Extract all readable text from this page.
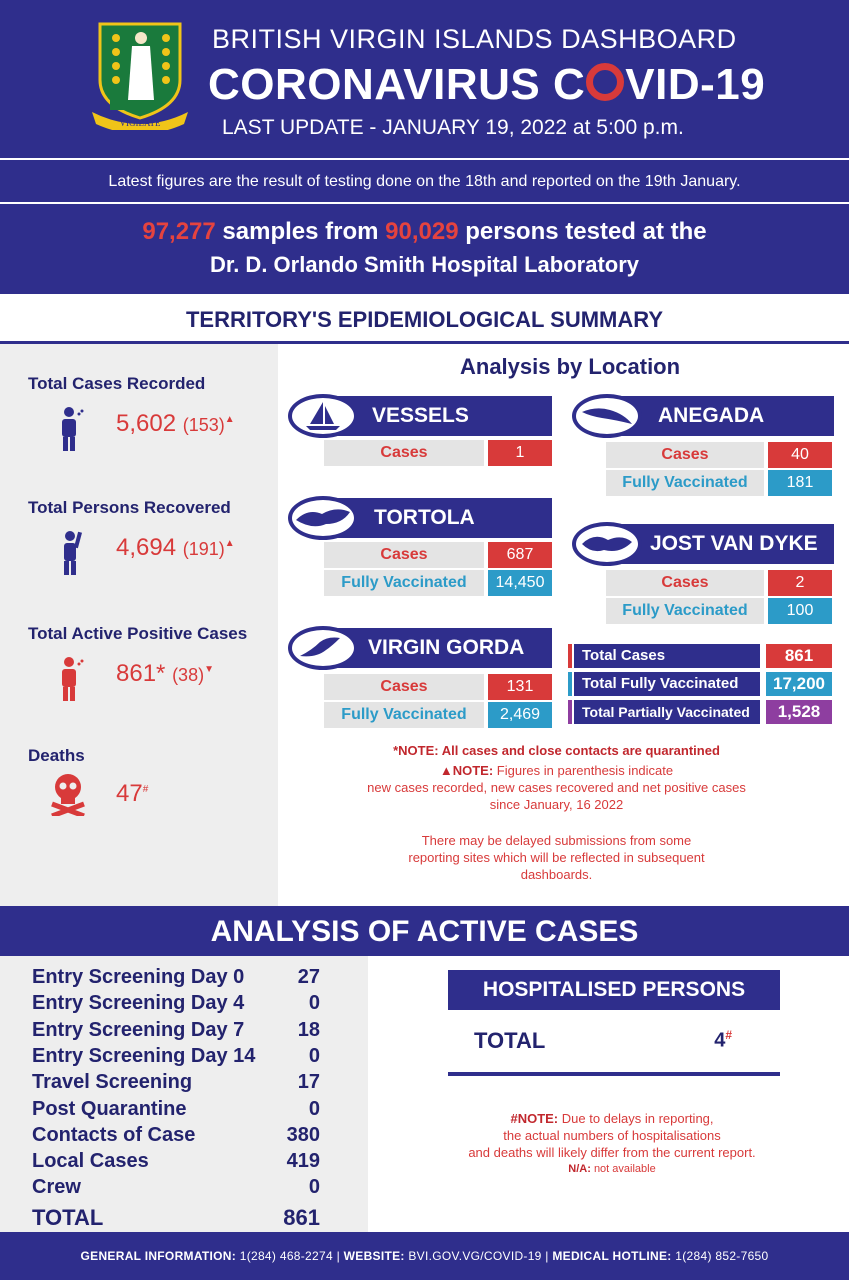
VIGILATE
BRITISH VIRGIN ISLANDS DASHBOARD
CORONAVIRUS C VID-19
LAST UPDATE - JANUARY 19, 2022 at 5:00 p.m.
Latest figures are the result of testing done on the 18th and reported on the 19th January.
97,277 samples from 90,029 persons tested at the
Dr. D. Orlando Smith Hospital Laboratory
TERRITORY'S EPIDEMIOLOGICAL SUMMARY
Total Cases Recorded
5,602 (153)▲
Total Persons Recovered
4,694 (191)▲
Total Active Positive Cases
861* (38)▼
Deaths
47#
Analysis by Location
VESSELS
Cases	1
ANEGADA
Cases	40
Fully Vaccinated	181
TORTOLA
Cases	687
Fully Vaccinated	14,450
JOST VAN DYKE
Cases	2
Fully Vaccinated	100
VIRGIN GORDA
Cases	131
Fully Vaccinated	2,469
Total Cases	861
Total Fully Vaccinated	17,200
Total Partially Vaccinated	1,528
*NOTE: All cases and close contacts are quarantined
▲NOTE: Figures in parenthesis indicate
new cases recorded, new cases recovered and net positive cases
since January, 16 2022
There may be delayed submissions from some
reporting sites which will be reflected in subsequent
dashboards.
ANALYSIS OF ACTIVE CASES
Entry Screening Day 0	27
Entry Screening Day 4	0
Entry Screening Day 7	18
Entry Screening Day 14	0
Travel Screening	17
Post Quarantine	0
Contacts of Case	380
Local Cases	419
Crew	0
TOTAL	861
HOSPITALISED PERSONS
TOTAL	4#
#NOTE: Due to delays in reporting,
the actual numbers of hospitalisations
and deaths will likely differ from the current report.
N/A: not available
GENERAL INFORMATION: 1(284) 468-2274 | WEBSITE: BVI.GOV.VG/COVID-19 | MEDICAL HOTLINE: 1(284) 852-7650
